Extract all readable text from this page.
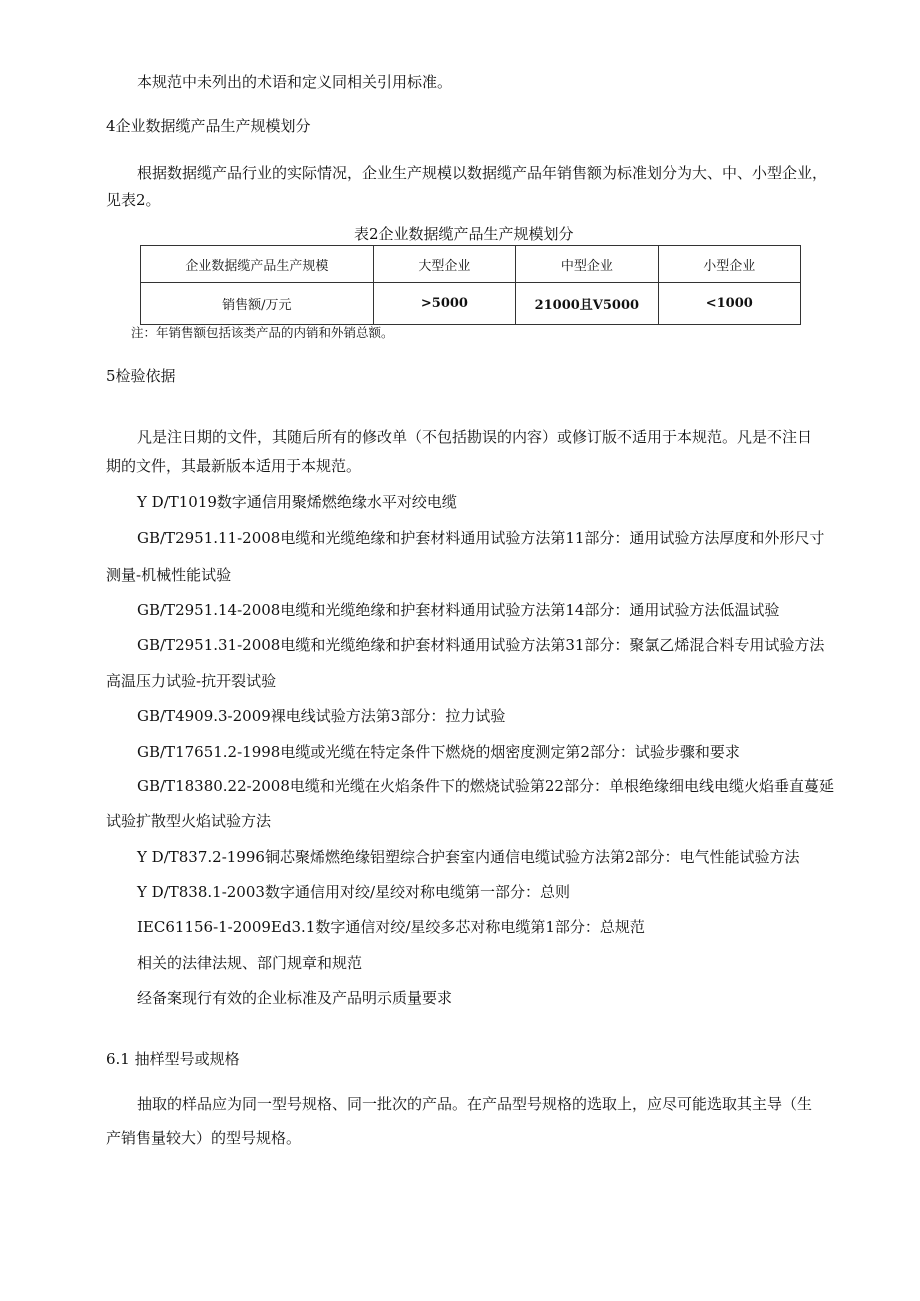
本规范中未列出的术语和定义同相关引用标准。
4企业数据缆产品生产规模划分
根据数据缆产品行业的实际情况，企业生产规模以数据缆产品年销售额为标准划分为大、中、小型企业，
见表2。
表2企业数据缆产品生产规模划分
企业数据缆产品生产规模	大型企业	中型企业	小型企业
销售额/万元	>5000	21000且V5000	<1000
注：年销售额包括该类产品的内销和外销总额。
5检验依据
凡是注日期的文件，其随后所有的修改单（不包括勘误的内容）或修订版不适用于本规范。凡是不注日
期的文件，其最新版本适用于本规范。
Y D/T1019数字通信用聚烯燃绝缘水平对绞电缆
GB/T2951.11-2008电缆和光缆绝缘和护套材料通用试验方法第11部分：通用试验方法厚度和外形尺寸
测量-机械性能试验
GB/T2951.14-2008电缆和光缆绝缘和护套材料通用试验方法第14部分：通用试验方法低温试验
GB/T2951.31-2008电缆和光缆绝缘和护套材料通用试验方法第31部分：聚氯乙烯混合料专用试验方法
高温压力试验-抗开裂试验
GB/T4909.3-2009裸电线试验方法第3部分：拉力试验
GB/T17651.2-1998电缆或光缆在特定条件下燃烧的烟密度测定第2部分：试验步骤和要求
GB/T18380.22-2008电缆和光缆在火焰条件下的燃烧试验第22部分：单根绝缘细电线电缆火焰垂直蔓延
试验扩散型火焰试验方法
Y D/T837.2-1996铜芯聚烯燃绝缘铝塑综合护套室内通信电缆试验方法第2部分：电气性能试验方法
Y D/T838.1-2003数字通信用对绞/星绞对称电缆第一部分：总则
IEC61156-1-2009Ed3.1数字通信对绞/星绞多芯对称电缆第1部分：总规范
相关的法律法规、部门规章和规范
经备案现行有效的企业标准及产品明示质量要求
6.1 抽样型号或规格
抽取的样品应为同一型号规格、同一批次的产品。在产品型号规格的选取上，应尽可能选取其主导（生
产销售量较大）的型号规格。
